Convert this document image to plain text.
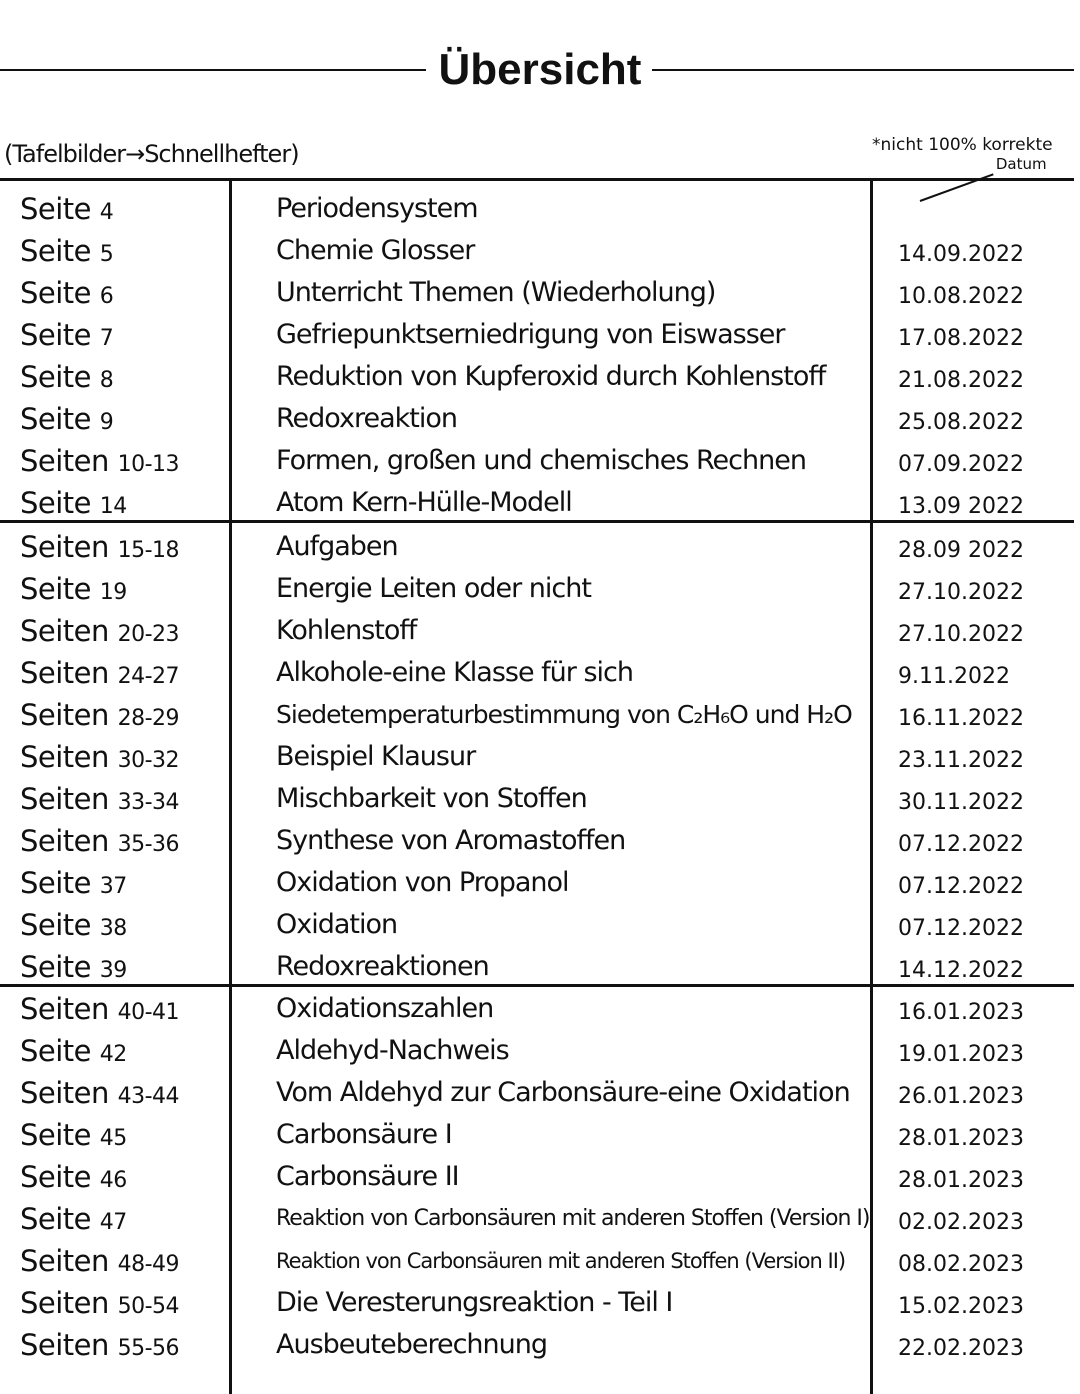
Übersicht
(Tafelbilder→Schnellhefter)	*nicht 100% korrekte
Datum
Seite 4	Periodensystem
Seite 5	Chemie Glosser	14.09.2022
Seite 6	Unterricht Themen (Wiederholung)	10.08.2022
Seite 7	Gefriepunktserniedrigung von Eiswasser	17.08.2022
Seite 8	Reduktion von Kupferoxid durch Kohlenstoff	21.08.2022
Seite 9	Redoxreaktion	25.08.2022
Seiten 10-13	Formen, großen und chemisches Rechnen	07.09.2022
Seite 14	Atom Kern-Hülle-Modell	13.09 2022
Seiten 15-18	Aufgaben	28.09 2022
Seite 19	Energie Leiten oder nicht	27.10.2022
Seiten 20-23	Kohlenstoff	27.10.2022
Seiten 24-27	Alkohole-eine Klasse für sich	9.11.2022
Seiten 28-29	Siedetemperaturbestimmung von C₂H₆O und H₂O	16.11.2022
Seiten 30-32	Beispiel Klausur	23.11.2022
Seiten 33-34	Mischbarkeit von Stoffen	30.11.2022
Seiten 35-36	Synthese von Aromastoffen	07.12.2022
Seite 37	Oxidation von Propanol	07.12.2022
Seite 38	Oxidation	07.12.2022
Seite 39	Redoxreaktionen	14.12.2022
Seiten 40-41	Oxidationszahlen	16.01.2023
Seite 42	Aldehyd-Nachweis	19.01.2023
Seiten 43-44	Vom Aldehyd zur Carbonsäure-eine Oxidation	26.01.2023
Seite 45	Carbonsäure I	28.01.2023
Seite 46	Carbonsäure II	28.01.2023
Seite 47	Reaktion von Carbonsäuren mit anderen Stoffen (Version I) 02.02.2023
Seiten 48-49	Reaktion von Carbonsäuren mit anderen Stoffen (Version II)	08.02.2023
Seiten 50-54	Die Veresterungsreaktion - Teil I	15.02.2023
Seiten 55-56	Ausbeuteberechnung	22.02.2023
